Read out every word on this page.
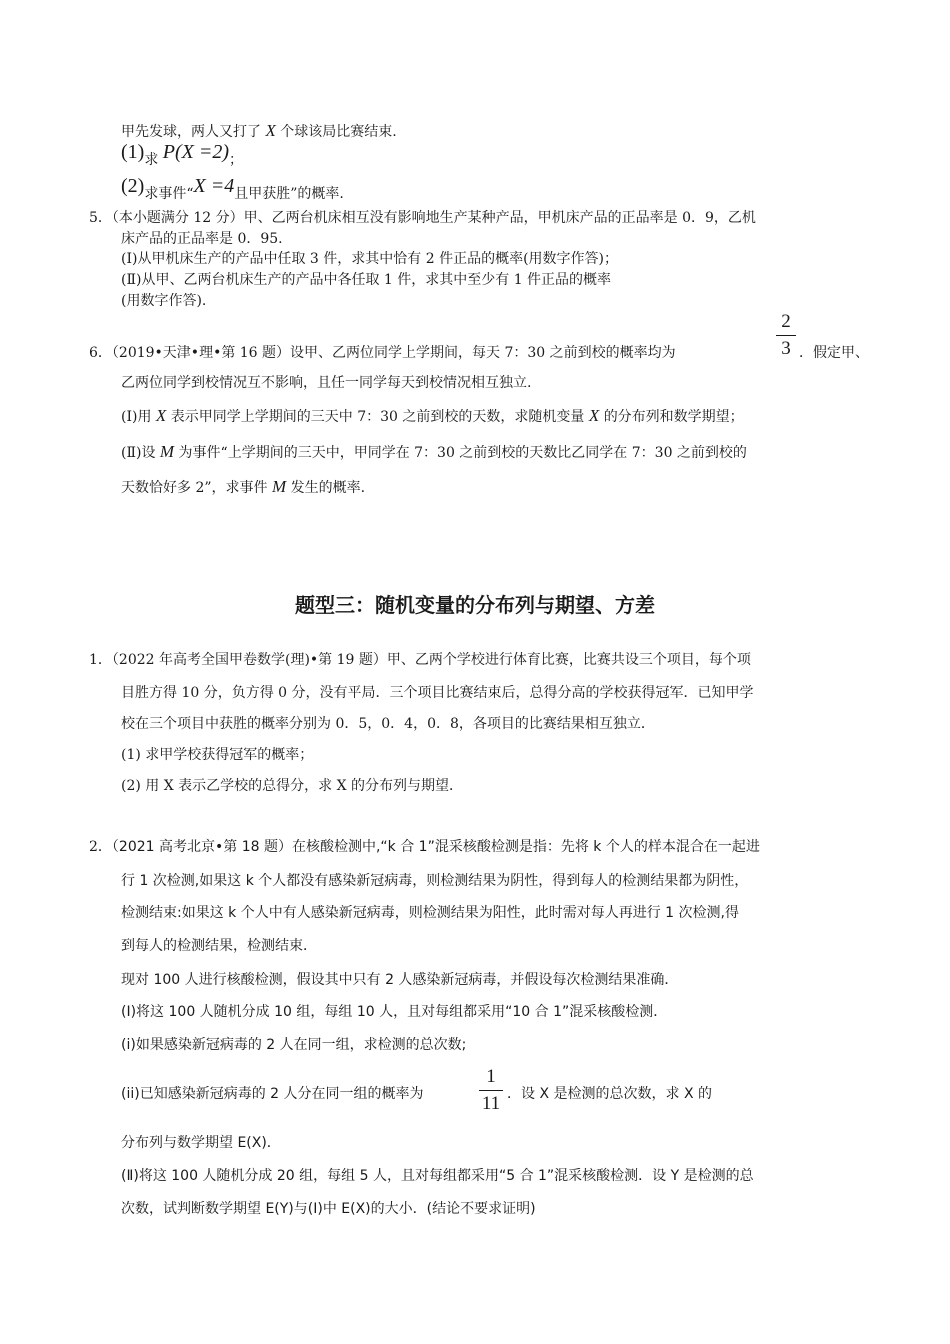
甲先发球，两人又打了 X 个球该局比赛结束.
(1)求 P(X =2)；
(2)求事件“X =4且甲获胜”的概率.
5．（本小题满分 12 分）甲、乙两台机床相互没有影响地生产某种产品，甲机床产品的正品率是 0．9，乙机
床产品的正品率是 0．95.
(Ⅰ)从甲机床生产的产品中任取 3 件，求其中恰有 2 件正品的概率(用数字作答)；
(Ⅱ)从甲、乙两台机床生产的产品中各任取 1 件，求其中至少有 1 件正品的概率
(用数字作答).
6．（2019•天津•理•第 16 题）设甲、乙两位同学上学期间，每天 7：30 之前到校的概率均为
2
3 ．假定甲、
乙两位同学到校情况互不影响，且任一同学每天到校情况相互独立.
(Ⅰ)用 X 表示甲同学上学期间的三天中 7：30 之前到校的天数，求随机变量 X 的分布列和数学期望；
(Ⅱ)设 M 为事件“上学期间的三天中，甲同学在 7：30 之前到校的天数比乙同学在 7：30 之前到校的
天数恰好多 2”，求事件 M 发生的概率.
题型三：随机变量的分布列与期望、方差
1．（2022 年高考全国甲卷数学(理)•第 19 题）甲、乙两个学校进行体育比赛，比赛共设三个项目，每个项
目胜方得 10 分，负方得 0 分，没有平局．三个项目比赛结束后，总得分高的学校获得冠军．已知甲学
校在三个项目中获胜的概率分别为 0．5，0．4，0．8，各项目的比赛结果相互独立．
(1) 求甲学校获得冠军的概率；
(2) 用 X 表示乙学校的总得分，求 X 的分布列与期望．
2．（2021 高考北京•第 18 题）在核酸检测中,“k 合 1”混采核酸检测是指：先将 k 个人的样本混合在一起进
行 1 次检测,如果这 k 个人都没有感染新冠病毒，则检测结果为阴性，得到每人的检测结果都为阴性，
检测结束:如果这 k 个人中有人感染新冠病毒，则检测结果为阳性，此时需对每人再进行 1 次检测,得
到每人的检测结果，检测结束．
现对 100 人进行核酸检测，假设其中只有 2 人感染新冠病毒，并假设每次检测结果准确．
(Ⅰ)将这 100 人随机分成 10 组，每组 10 人，且对每组都采用“10 合 1”混采核酸检测．
(i)如果感染新冠病毒的 2 人在同一组，求检测的总次数;
(ii)已知感染新冠病毒的 2 人分在同一组的概率为
1
11 ．设 X 是检测的总次数，求 X 的
分布列与数学期望 E(X)．
(Ⅱ)将这 100 人随机分成 20 组，每组 5 人，且对每组都采用“5 合 1”混采核酸检测．设 Y 是检测的总
次数，试判断数学期望 E(Y)与(Ⅰ)中 E(X)的大小．(结论不要求证明)
